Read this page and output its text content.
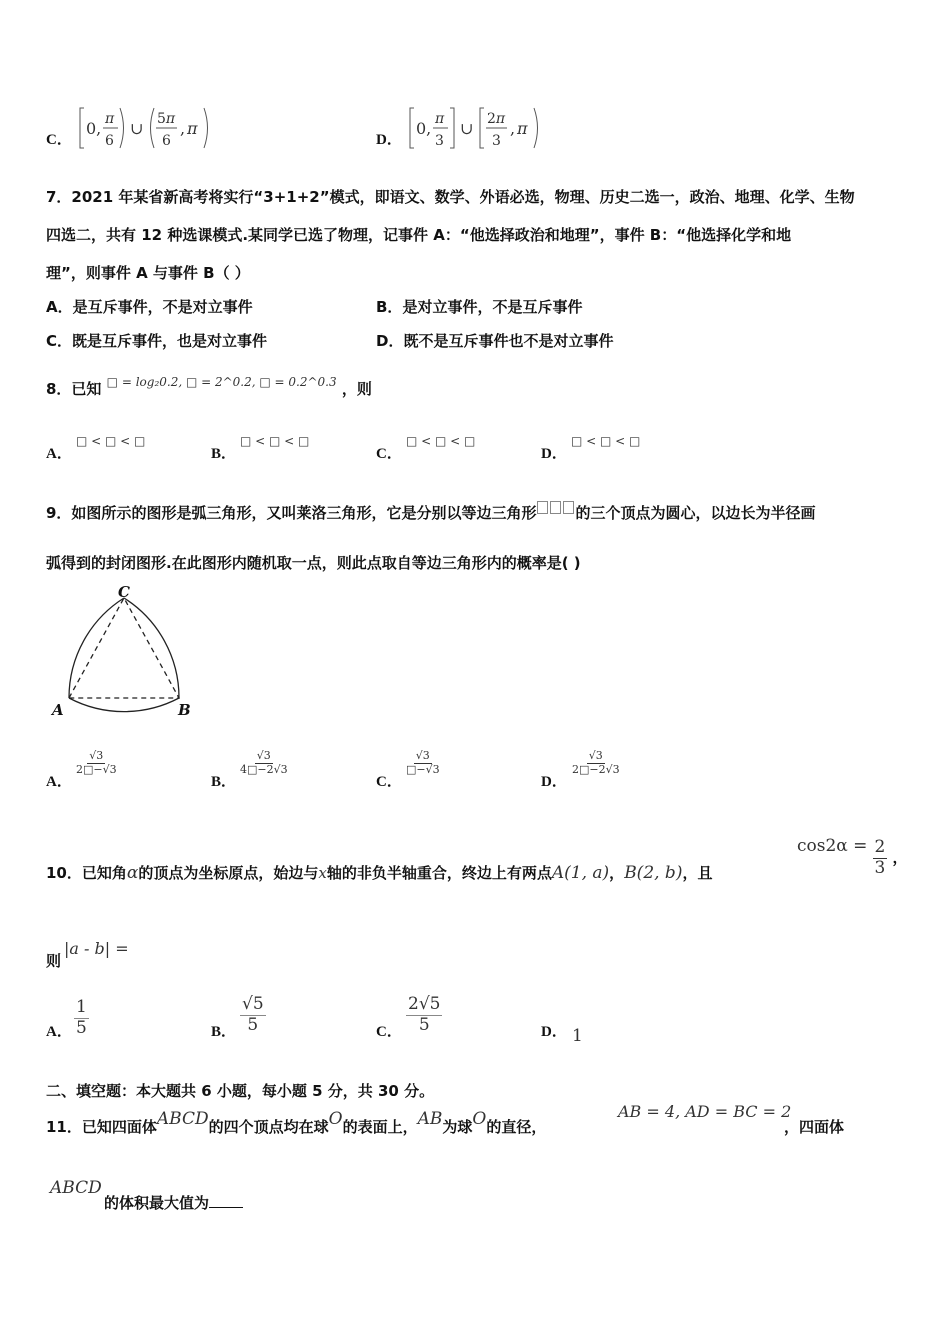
C．
0, π
6
∪ 5π
6
, π
D．
0, π
3
∪ 2π
3
, π
7．2021 年某省新高考将实行“3+1+2”模式，即语文、数学、外语必选，物理、历史二选一，政治、地理、化学、生物
四选二，共有 12 种选课模式.某同学已选了物理，记事件 A：“他选择政治和地理”，事件 B：“他选择化学和地
理”，则事件 A 与事件 B（ ）
A．是互斥事件，不是对立事件	B．是对立事件，不是互斥事件
C．既是互斥事件，也是对立事件	D．既不是互斥事件也不是对立事件
8．已知 $^{□ = log_20.2, □ = 2\^{}0.2, □ = 0.2\^{}0.3}$ ，则
A．
□ < □ < □
B．
□ < □ < □
C．
□ < □ < □
D．
□ < □ < □
9．如图所示的图形是弧三角形，又叫莱洛三角形，它是分别以等边三角形	的三个顶点为圆心，以边长为半径画
弧得到的封闭图形.在此图形内随机取一点，则此点取自等边三角形内的概率是( )
C
A	B
A．
$\frac{√3}{2□-√3}$
B．
$\frac{√3}{4□-2√3}$
C．
$\frac{√3}{□-√3}$
D．
$\frac{√3}{2□-2√3}$
10．已知角α的顶点为坐标原点，始边与x轴的非负半轴重合，终边上有两点A(1, a)，B(2, b)，且
$\cos 2\alpha = \frac{2}{3}$ ，
则
|a - b| =
A． $\frac{1}{5}$	B． $\frac{√5}{5}$	C． $\frac{2√5}{5}$	D． 1
二、填空题：本大题共 6 小题，每小题 5 分，共 30 分。
11．已知四面体ABCD的四个顶点均在球O的表面上，AB为球O的直径，
AB = 4, AD = BC = 2
，四面体
ABCD
的体积最大值为
